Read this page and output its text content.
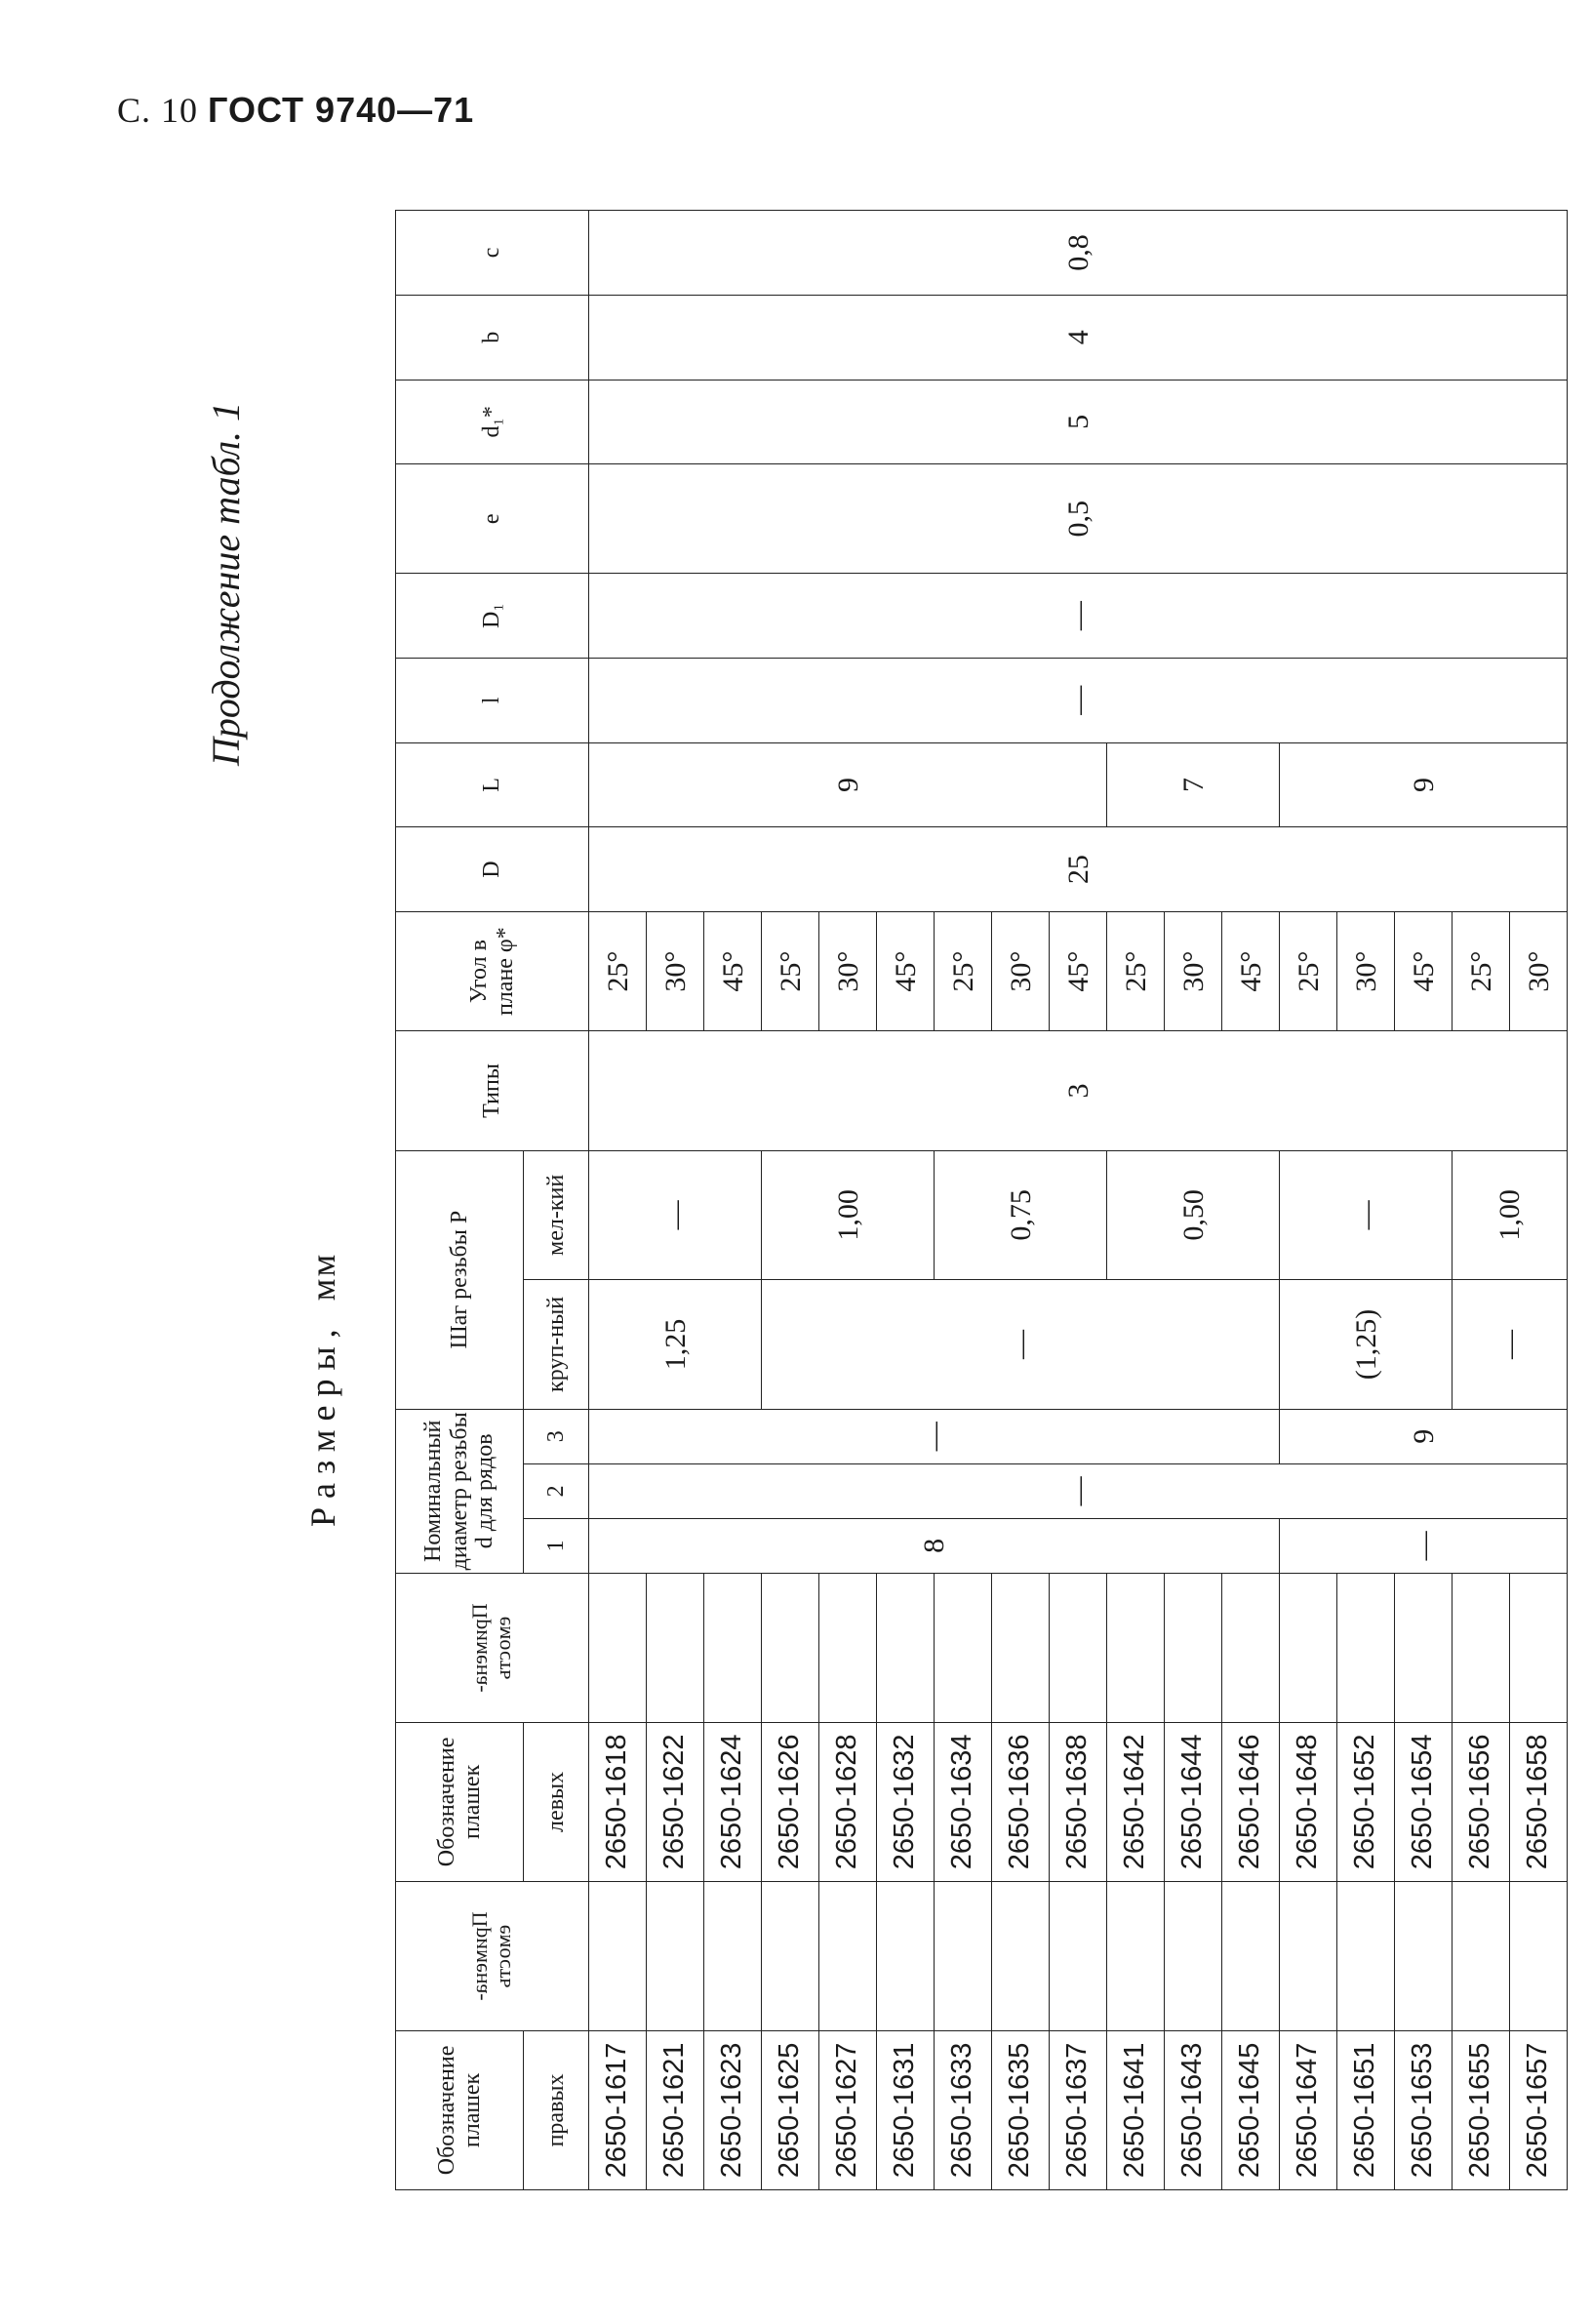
С. 10 ГОСТ 9740—71
Продолжение табл. 1
Размеры,мм
Обозначение плашек	Примена-емость	Обозначение плашек	Примена-емость	Номинальный диаметр резьбы d для рядов			Шаг резьбы P		Типы	Угол в плане φ*	D	L	l	D₁	e	d₁*	b	c
правых		левых		1	2	3	круп-ный	мел-кий										
2650-1617		2650-1618		8	—	—	1,25	—	3	25°	25	9	—	—	0,5	5	4	0,8
2650-1621		2650-1622								30°								
2650-1623		2650-1624								45°								
2650-1625		2650-1626					—	1,00		25°								
2650-1627		2650-1628								30°								
2650-1631		2650-1632								45°								
2650-1633		2650-1634						0,75		25°								
2650-1635		2650-1636								30°								
2650-1637		2650-1638								45°								
2650-1641		2650-1642						0,50		25°		7						
2650-1643		2650-1644								30°								
2650-1645		2650-1646								45°								
2650-1647		2650-1648		—		9	(1,25)	—		25°		9						
2650-1651		2650-1652								30°								
2650-1653		2650-1654								45°								
2650-1655		2650-1656					—	1,00		25°								
2650-1657		2650-1658								30°								
